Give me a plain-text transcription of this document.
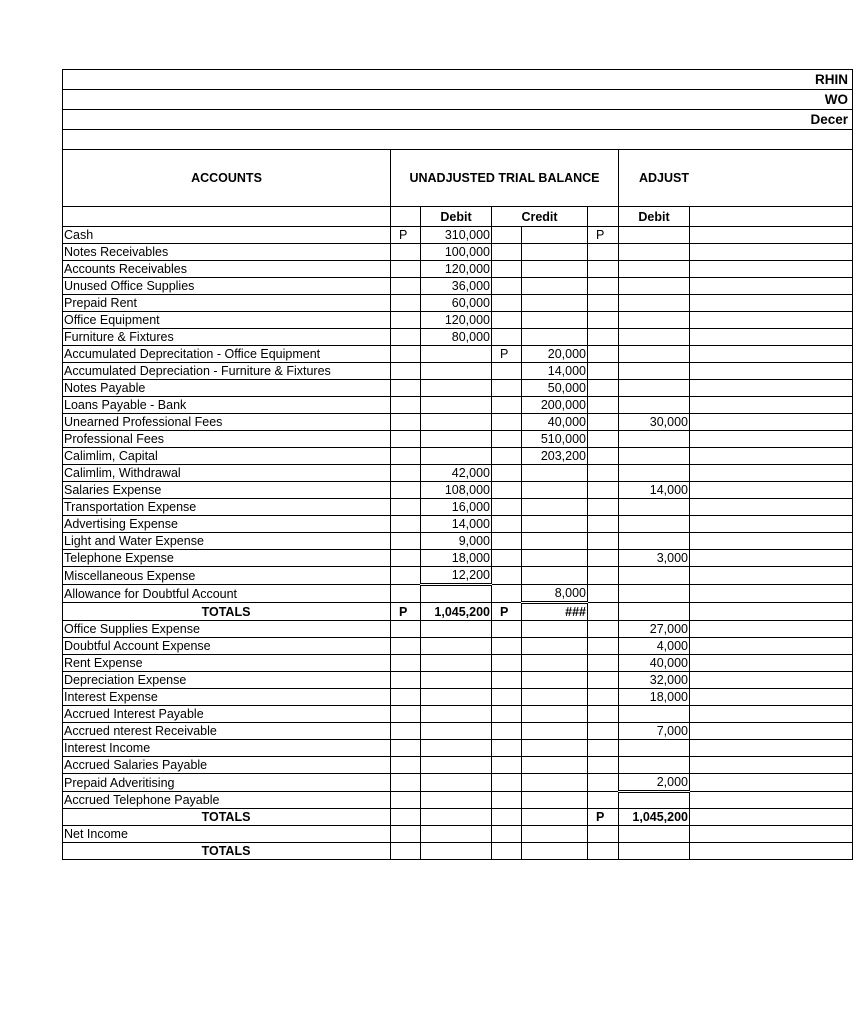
RHIN							
WO							
Decer							

ACCOUNTS	UNADJUSTED TRIAL BALANCE					ADJUST	
		Debit	Credit			Debit	
Cash	P	310,000			P		
Notes Receivables		100,000					
Accounts Receivables		120,000					
Unused Office Supplies		36,000					
Prepaid Rent		60,000					
Office Equipment		120,000					
Furniture & Fixtures		80,000					
Accumulated Deprecitation - Office Equipment			P	20,000			
Accumulated Depreciation - Furniture & Fixtures				14,000			
Notes Payable				50,000			
Loans Payable - Bank				200,000			
Unearned Professional Fees				40,000		30,000	
Professional Fees				510,000			
Calimlim, Capital				203,200			
Calimlim, Withdrawal		42,000					
Salaries Expense		108,000				14,000	
Transportation Expense		16,000					
Advertising Expense		14,000					
Light and Water Expense		9,000					
Telephone Expense		18,000				3,000	
Miscellaneous Expense		12,200					
Allowance for Doubtful Account				8,000			
TOTALS	P	1,045,200	P	###			
Office Supplies Expense						27,000	
Doubtful Account Expense						4,000	
Rent Expense						40,000	
Depreciation Expense						32,000	
Interest Expense						18,000	
Accrued Interest Payable							
Accrued nterest Receivable						7,000	
Interest Income							
Accrued Salaries Payable							
Prepaid Adveritising						2,000	
Accrued Telephone Payable							
TOTALS					P	1,045,200	
Net Income							
TOTALS							
